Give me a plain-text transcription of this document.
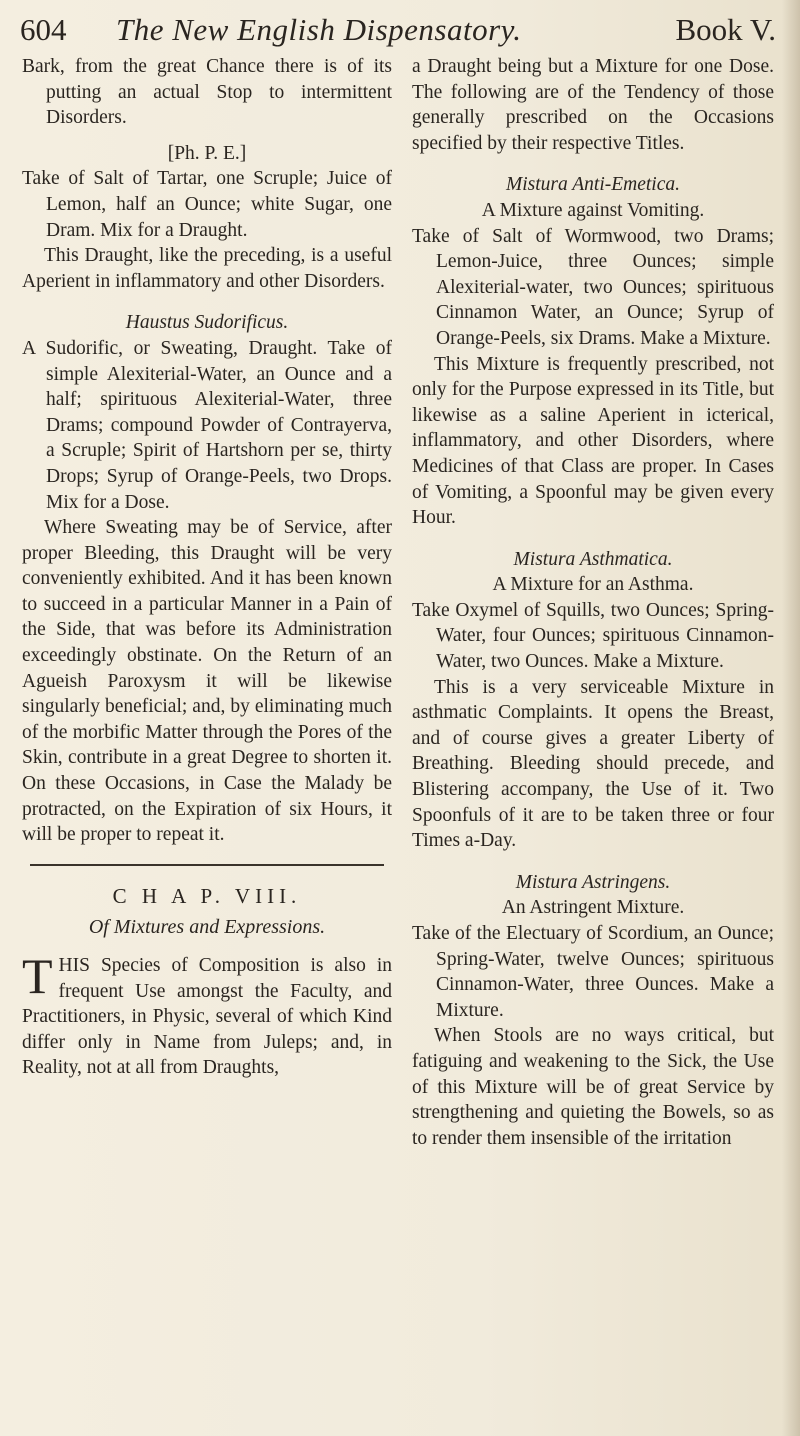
604 The New English Dispensatory.	Book V.

Bark, from the great Chance there is of its putting an actual Stop to intermittent Disorders.

[Ph. P. E.]

Take of Salt of Tartar, one Scruple; Juice of Lemon, half an Ounce; white Sugar, one Dram. Mix for a Draught.

This Draught, like the preceding, is a useful Aperient in inflammatory and other Disorders.

Haustus Sudorificus.

A Sudorific, or Sweating, Draught. Take of simple Alexiterial-Water, an Ounce and a half; spirituous Alexiterial-Water, three Drams; compound Powder of Contrayerva, a Scruple; Spirit of Hartshorn per se, thirty Drops; Syrup of Orange-Peels, two Drops. Mix for a Dose.

Where Sweating may be of Service, after proper Bleeding, this Draught will be very conveniently exhibited. And it has been known to succeed in a particular Manner in a Pain of the Side, that was before its Administration exceedingly obstinate. On the Return of an Agueish Paroxysm it will be likewise singularly beneficial; and, by eliminating much of the morbific Matter through the Pores of the Skin, contribute in a great Degree to shorten it. On these Occasions, in Case the Malady be protracted, on the Expiration of six Hours, it will be proper to repeat it.

C H A P. VIII.

Of Mixtures and Expressions.

THIS Species of Composition is also in frequent Use amongst the Faculty, and Practitioners, in Physic, several of which Kind differ only in Name from Juleps; and, in Reality, not at all from Draughts,

a Draught being but a Mixture for one Dose. The following are of the Tendency of those generally prescribed on the Occasions specified by their respective Titles.

Mistura Anti-Emetica.

A Mixture against Vomiting.

Take of Salt of Wormwood, two Drams; Lemon-Juice, three Ounces; simple Alexiterial-water, two Ounces; spirituous Cinnamon Water, an Ounce; Syrup of Orange-Peels, six Drams. Make a Mixture.

This Mixture is frequently prescribed, not only for the Purpose expressed in its Title, but likewise as a saline Aperient in icterical, inflammatory, and other Disorders, where Medicines of that Class are proper. In Cases of Vomiting, a Spoonful may be given every Hour.

Mistura Asthmatica.

A Mixture for an Asthma.

Take Oxymel of Squills, two Ounces; Spring-Water, four Ounces; spirituous Cinnamon-Water, two Ounces. Make a Mixture.

This is a very serviceable Mixture in asthmatic Complaints. It opens the Breast, and of course gives a greater Liberty of Breathing. Bleeding should precede, and Blistering accompany, the Use of it. Two Spoonfuls of it are to be taken three or four Times a-Day.

Mistura Astringens.

An Astringent Mixture.

Take of the Electuary of Scordium, an Ounce; Spring-Water, twelve Ounces; spirituous Cinnamon-Water, three Ounces. Make a Mixture.

When Stools are no ways critical, but fatiguing and weakening to the Sick, the Use of this Mixture will be of great Service by strengthening and quieting the Bowels, so as to render them insensible of the irritation
